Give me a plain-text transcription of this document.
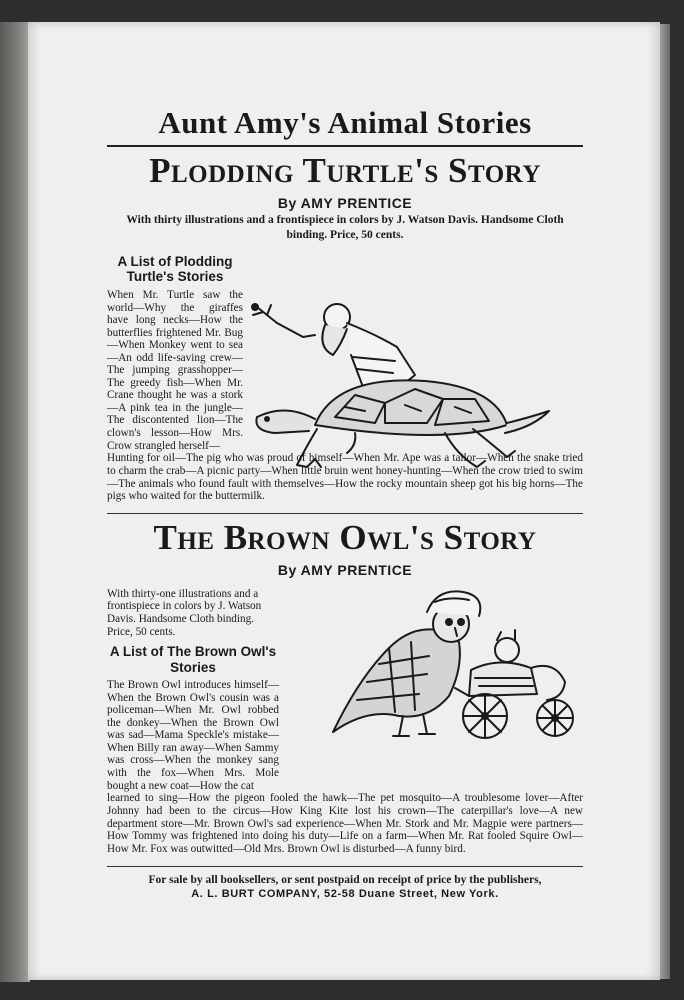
Aunt Amy's Animal Stories
Plodding Turtle's Story

By AMY PRENTICE

With thirty illustrations and a frontispiece in colors by J. Watson Davis. Handsome Cloth binding. Price, 50 cents.

A List of Plodding Turtle's Stories

When Mr. Turtle saw the world—Why the giraffes have long necks—How the butterflies frightened Mr. Bug—When Monkey went to sea—An odd life-saving crew—The jumping grasshopper—The greedy fish—When Mr. Crane thought he was a stork—A pink tea in the jungle—The discontented lion—The clown's lesson—How Mrs. Crow strangled herself—

Hunting for oil—The pig who was proud of himself—When Mr. Ape was a tailor—When the snake tried to charm the crab—A picnic party—When little bruin went honey-hunting—When the crow tried to swim—The animals who found fault with themselves—How the rocky mountain sheep got his big horns—The pigs who waited for the buttermilk.

The Brown Owl's Story

By AMY PRENTICE

With thirty-one illustrations and a frontispiece in colors by J. Watson Davis. Handsome Cloth binding. Price, 50 cents.

A List of The Brown Owl's Stories

The Brown Owl introduces himself—When the Brown Owl's cousin was a policeman—When Mr. Owl robbed the donkey—When the Brown Owl was sad—Mama Speckle's mistake—When Billy ran away—When Sammy was cross—When the monkey sang with the fox—When Mrs. Mole bought a new coat—How the cat

learned to sing—How the pigeon fooled the hawk—The pet mosquito—A troublesome lover—After Johnny had been to the circus—How King Kite lost his crown—The caterpillar's love—A new department store—Mr. Brown Owl's sad experience—When Mr. Stork and Mr. Magpie were partners—How Tommy was frightened into doing his duty—Life on a farm—When Mr. Rat fooled Squire Owl—How Mr. Fox was outwitted—Old Mrs. Brown Owl is disturbed—A funny bird.

For sale by all booksellers, or sent postpaid on receipt of price by the publishers,

A. L. BURT COMPANY, 52-58 Duane Street, New York.
